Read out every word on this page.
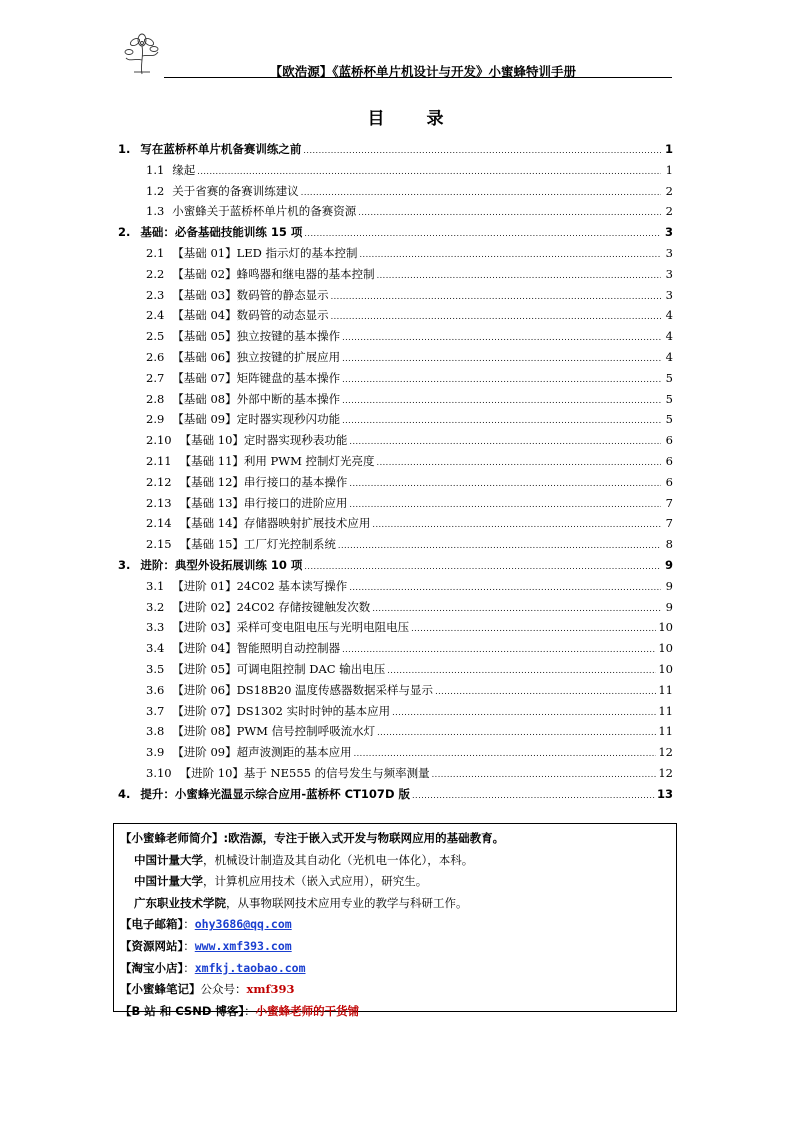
【欧浩源】《蓝桥杯单片机设计与开发》小蜜蜂特训手册
目 录
1. 写在蓝桥杯单片机备赛训练之前 .....	1
1.1 缘起 .....	1
1.2 关于省赛的备赛训练建议 .....	2
1.3 小蜜蜂关于蓝桥杯单片机的备赛资源 .....	2
2. 基础：必备基础技能训练 15 项 .....	3
2.1 【基础 01】LED 指示灯的基本控制 .....	3
2.2 【基础 02】蜂鸣器和继电器的基本控制 .....	3
2.3 【基础 03】数码管的静态显示 .....	3
2.4 【基础 04】数码管的动态显示 .....	4
2.5 【基础 05】独立按键的基本操作 .....	4
2.6 【基础 06】独立按键的扩展应用 .....	4
2.7 【基础 07】矩阵键盘的基本操作 .....	5
2.8 【基础 08】外部中断的基本操作 .....	5
2.9 【基础 09】定时器实现秒闪功能 .....	5
2.10 【基础 10】定时器实现秒表功能 .....	6
2.11 【基础 11】利用 PWM 控制灯光亮度 .....	6
2.12 【基础 12】串行接口的基本操作 .....	6
2.13 【基础 13】串行接口的进阶应用 .....	7
2.14 【基础 14】存储器映射扩展技术应用 .....	7
2.15 【基础 15】工厂灯光控制系统 .....	8
3. 进阶：典型外设拓展训练 10 项 .....	9
3.1 【进阶 01】24C02 基本读写操作 .....	9
3.2 【进阶 02】24C02 存储按键触发次数 .....	9
3.3 【进阶 03】采样可变电阻电压与光明电阻电压 .....	10
3.4 【进阶 04】智能照明自动控制器 .....	10
3.5 【进阶 05】可调电阻控制 DAC 输出电压 .....	10
3.6 【进阶 06】DS18B20 温度传感器数据采样与显示 .....	11
3.7 【进阶 07】DS1302 实时时钟的基本应用 .....	11
3.8 【进阶 08】PWM 信号控制呼吸流水灯 .....	11
3.9 【进阶 09】超声波测距的基本应用 .....	12
3.10 【进阶 10】基于 NE555 的信号发生与频率测量 .....	12
4. 提升：小蜜蜂光温显示综合应用-蓝桥杯 CT107D 版 .....	13
【小蜜蜂老师简介】:欧浩源，专注于嵌入式开发与物联网应用的基础教育。
中国计量大学，机械设计制造及其自动化（光机电一体化），本科。
中国计量大学，计算机应用技术（嵌入式应用），研究生。
广东职业技术学院，从事物联网技术应用专业的教学与科研工作。
【电子邮箱】：ohy3686@qq.com
【资源网站】：www.xmf393.com
【淘宝小店】：xmfkj.taobao.com
【小蜜蜂笔记】公众号：xmf393
【B 站 和 CSND 博客】：小蜜蜂老师的干货铺
